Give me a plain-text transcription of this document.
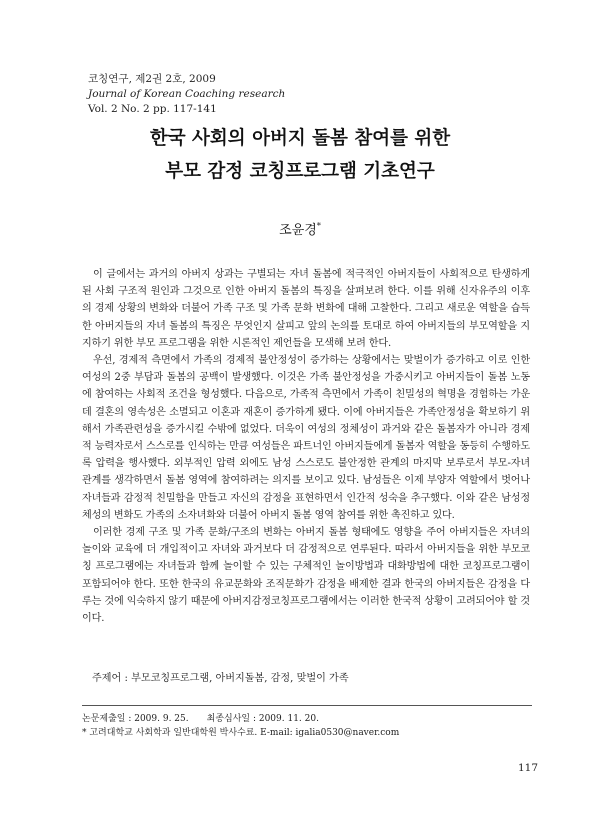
코칭연구, 제2권 2호, 2009
Journal of Korean Coaching research
Vol. 2 No. 2 pp. 117-141
한국 사회의 아버지 돌봄 참여를 위한
부모 감정 코칭프로그램 기초연구
조윤경*

이 글에서는 과거의 아버지 상과는 구별되는 자녀 돌봄에 적극적인 아버지들이 사회적으로 탄생하게 된 사회 구조적 원인과 그것으로 인한 아버지 돌봄의 특징을 살펴보려 한다. 이를 위해 신자유주의 이후의 경제 상황의 변화와 더불어 가족 구조 및 가족 문화 변화에 대해 고찰한다. 그리고 새로운 역할을 습득한 아버지들의 자녀 돌봄의 특징은 무엇인지 살피고 앞의 논의를 토대로 하여 아버지들의 부모역할을 지지하기 위한 부모 프로그램을 위한 시론적인 제언들을 모색해 보려 한다.

우선, 경제적 측면에서 가족의 경제적 불안정성이 증가하는 상황에서는 맞벌이가 증가하고 이로 인한 여성의 2중 부담과 돌봄의 공백이 발생했다. 이것은 가족 불안정성을 가중시키고 아버지들이 돌봄 노동에 참여하는 사회적 조건을 형성했다. 다음으로, 가족적 측면에서 가족이 친밀성의 혁명을 경험하는 가운데 결혼의 영속성은 소멸되고 이혼과 재혼이 증가하게 됐다. 이에 아버지들은 가족안정성을 확보하기 위해서 가족관련성을 증가시킬 수밖에 없었다. 더욱이 여성의 정체성이 과거와 같은 돌봄자가 아니라 경제적 능력자로서 스스로를 인식하는 만큼 여성들은 파트너인 아버지들에게 돌봄자 역할을 동등히 수행하도록 압력을 행사했다. 외부적인 압력 외에도 남성 스스로도 불안정한 관계의 마지막 보루로서 부모-자녀 관계를 생각하면서 돌봄 영역에 참여하려는 의지를 보이고 있다. 남성들은 이제 부양자 역할에서 벗어나 자녀들과 감정적 친밀함을 만들고 자신의 감정을 표현하면서 인간적 성숙을 추구했다. 이와 같은 남성정체성의 변화도 가족의 소자녀화와 더불어 아버지 돌봄 영역 참여를 위한 촉진하고 있다.

이러한 경제 구조 및 가족 문화/구조의 변화는 아버지 돌봄 형태에도 영향을 주어 아버지들은 자녀의 놀이와 교육에 더 개입적이고 자녀와 과거보다 더 감정적으로 연루된다. 따라서 아버지들을 위한 부모코칭 프로그램에는 자녀들과 함께 놀이할 수 있는 구체적인 놀이방법과 대화방법에 대한 코칭프로그램이 포함되어야 한다. 또한 한국의 유교문화와 조직문화가 감정을 배제한 결과 한국의 아버지들은 감정을 다루는 것에 익숙하지 않기 때문에 아버지감정코칭프로그램에서는 이러한 한국적 상황이 고려되어야 할 것이다.

주제어 : 부모코칭프로그램, 아버지돌봄, 감정, 맞벌이 가족
논문제출일 : 2009. 9. 25. 최종심사일 : 2009. 11. 20.
* 고려대학교 사회학과 일반대학원 박사수료. E-mail: igalia0530@naver.com
117
